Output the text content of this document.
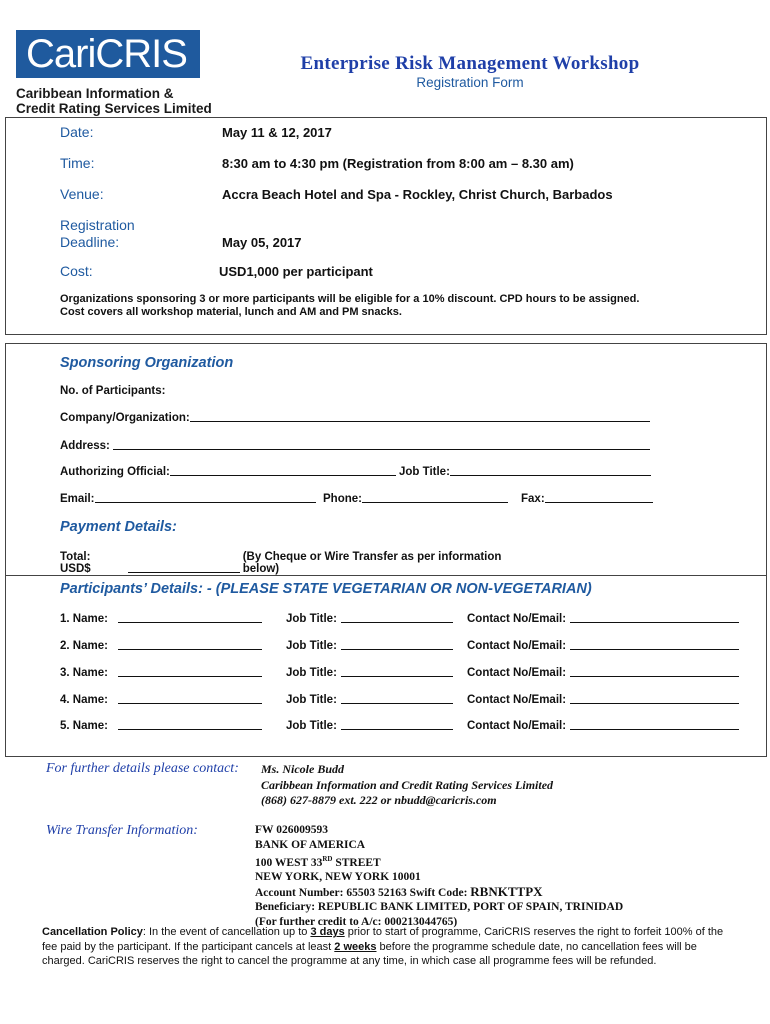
CariCRIS +
Caribbean Information &
Credit Rating Services Limited
Enterprise Risk Management Workshop
Registration Form
Date:	May 11 & 12, 2017
Time:	8:30 am to 4:30 pm (Registration from 8:00 am – 8.30 am)
Venue:	Accra Beach Hotel and Spa - Rockley, Christ Church, Barbados
Registration
Deadline:	May 05, 2017
Cost:	USD1,000 per participant
Organizations sponsoring 3 or more participants will be eligible for a 10% discount. CPD hours to be assigned.
Cost covers all workshop material, lunch and AM and PM snacks.
Sponsoring Organization
No. of Participants:
Company/Organization:
Address:
Authorizing Official:	Job Title:
Email:	Phone:	Fax:
Payment Details:
Total: USD$
(By Cheque or Wire Transfer as per information below)
Participants’ Details: - (PLEASE STATE VEGETARIAN OR NON-VEGETARIAN)
1. Name:	Job Title:	Contact No/Email:
2. Name:	Job Title:	Contact No/Email:
3. Name:	Job Title:	Contact No/Email:
4. Name:	Job Title:	Contact No/Email:
5. Name:	Job Title:	Contact No/Email:
For further details please contact: Ms. Nicole Budd
Caribbean Information and Credit Rating Services Limited
(868) 627-8879 ext. 222 or nbudd@caricris.com
Wire Transfer Information:	FW 026009593
BANK OF AMERICA
100 WEST 33RD STREET
NEW YORK, NEW YORK 10001
Account Number: 65503 52163 Swift Code: RBNKTTPX
Beneficiary: REPUBLIC BANK LIMITED, PORT OF SPAIN, TRINIDAD
(For further credit to A/c: 000213044765)
Cancellation Policy: In the event of cancellation up to 3 days prior to start of programme, CariCRIS reserves the right to forfeit 100% of the fee paid by the participant. If the participant cancels at least 2 weeks before the programme schedule date, no cancellation fees will be charged. CariCRIS reserves the right to cancel the programme at any time, in which case all programme fees will be refunded.
